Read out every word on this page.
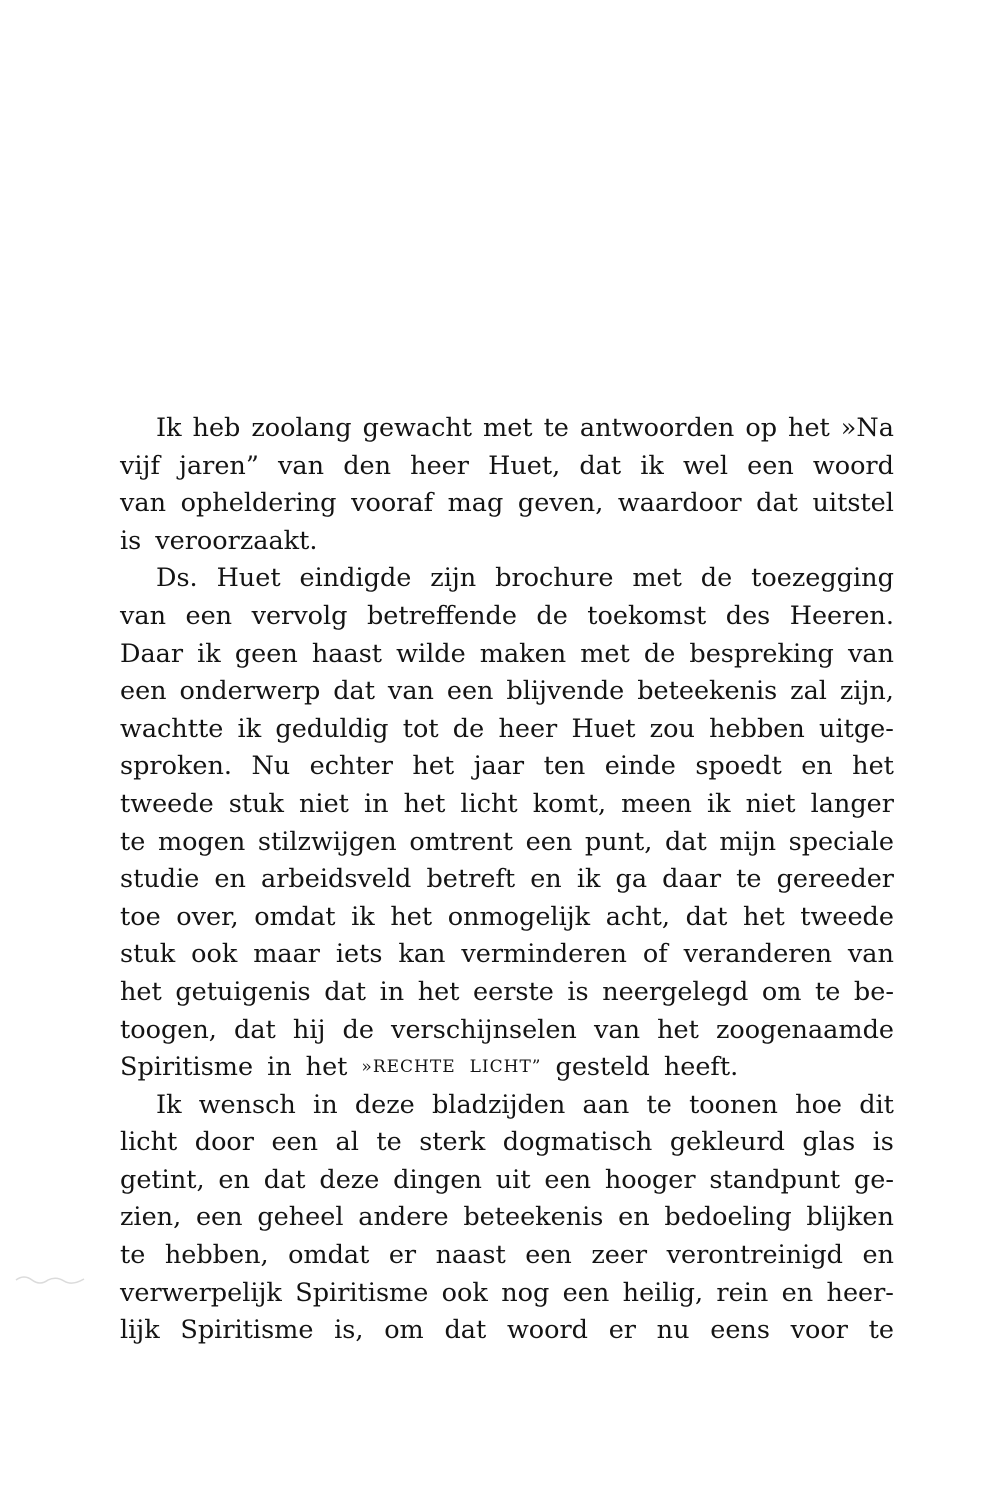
Ik heb zoolang gewacht met te antwoorden op het »Na
vijf jaren” van den heer Huet, dat ik wel een woord
van opheldering vooraf mag geven, waardoor dat uitstel
is veroorzaakt.
Ds. Huet eindigde zijn brochure met de toezegging
van een vervolg betreffende de toekomst des Heeren.
Daar ik geen haast wilde maken met de bespreking van
een onderwerp dat van een blijvende beteekenis zal zijn,
wachtte ik geduldig tot de heer Huet zou hebben uitge-
sproken. Nu echter het jaar ten einde spoedt en het
tweede stuk niet in het licht komt, meen ik niet langer
te mogen stilzwijgen omtrent een punt, dat mijn speciale
studie en arbeidsveld betreft en ik ga daar te gereeder
toe over, omdat ik het onmogelijk acht, dat het tweede
stuk ook maar iets kan verminderen of veranderen van
het getuigenis dat in het eerste is neergelegd om te be-
toogen, dat hij de verschijnselen van het zoogenaamde
Spiritisme in het »RECHTE LICHT” gesteld heeft.
Ik wensch in deze bladzijden aan te toonen hoe dit
licht door een al te sterk dogmatisch gekleurd glas is
getint, en dat deze dingen uit een hooger standpunt ge-
zien, een geheel andere beteekenis en bedoeling blijken
te hebben, omdat er naast een zeer verontreinigd en
verwerpelijk Spiritisme ook nog een heilig, rein en heer-
lijk Spiritisme is, om dat woord er nu eens voor te
